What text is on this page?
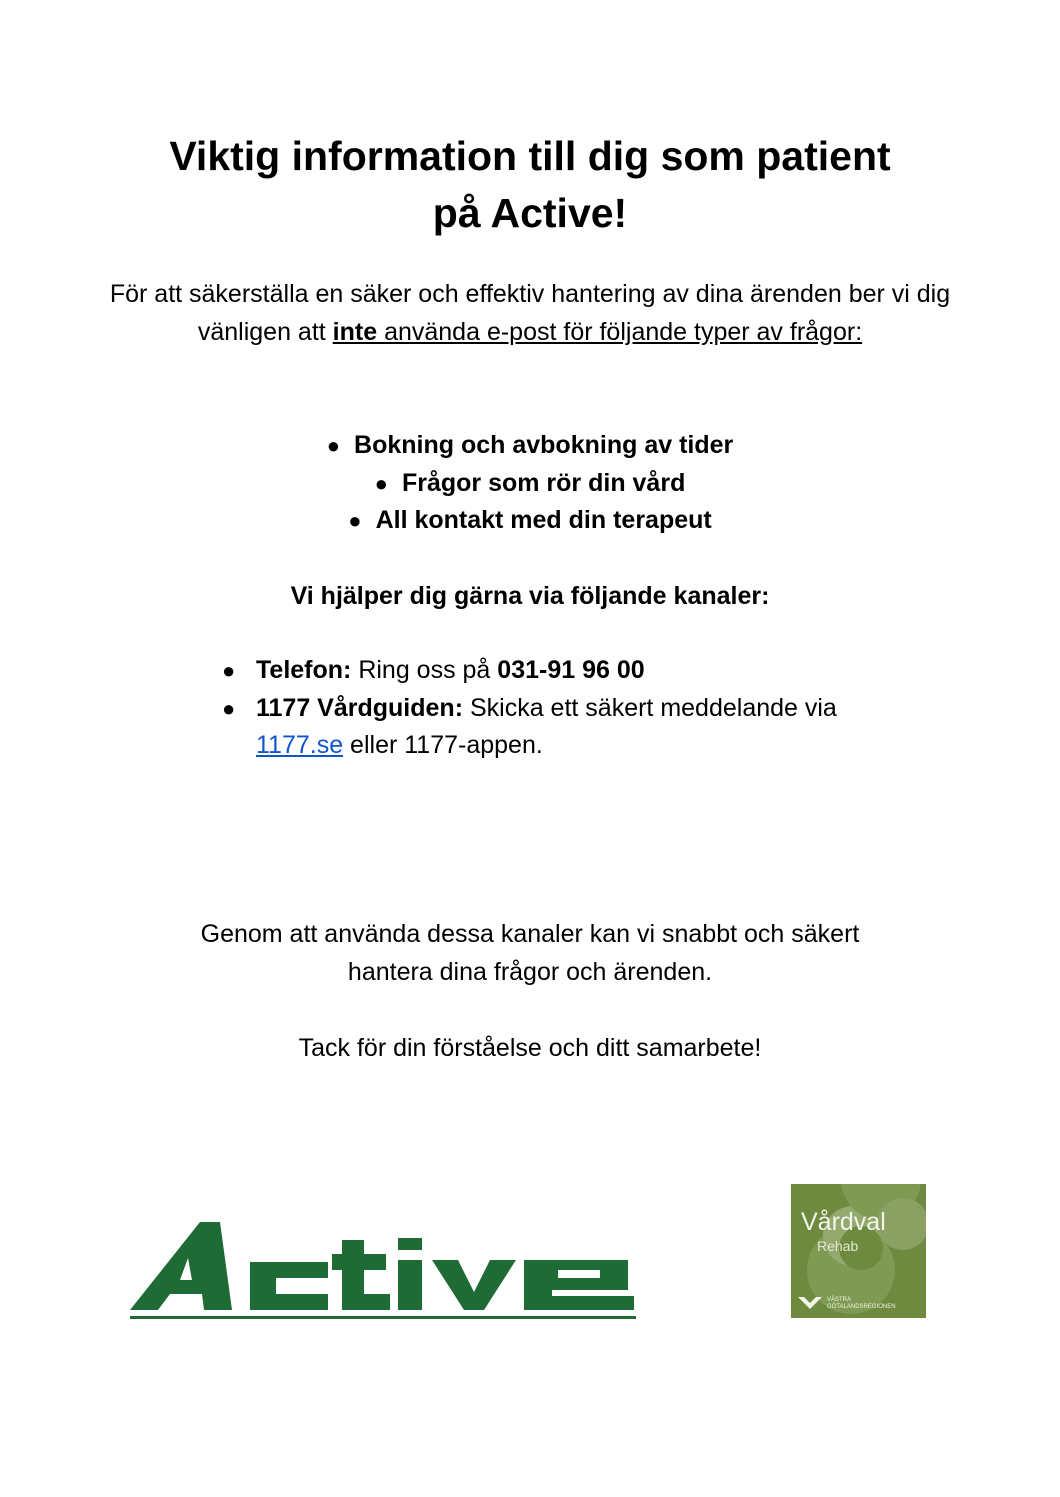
Viktig information till dig som patient
på Active!

För att säkerställa en säker och effektiv hantering av dina ärenden ber vi dig vänligen att inte använda e-post för följande typer av frågor:

● Bokning och avbokning av tider
● Frågor som rör din vård
● All kontakt med din terapeut
Vi hjälper dig gärna via följande kanaler:
● Telefon: Ring oss på 031-91 96 00
● 1177 Vårdguiden: Skicka ett säkert meddelande via
1177.se eller 1177-appen.

Genom att använda dessa kanaler kan vi snabbt och säkert
hantera dina frågor och ärenden.

Tack för din förståelse och ditt samarbete!

Vårdval
Rehab
VÄSTRA
GÖTALANDSREGIONEN
